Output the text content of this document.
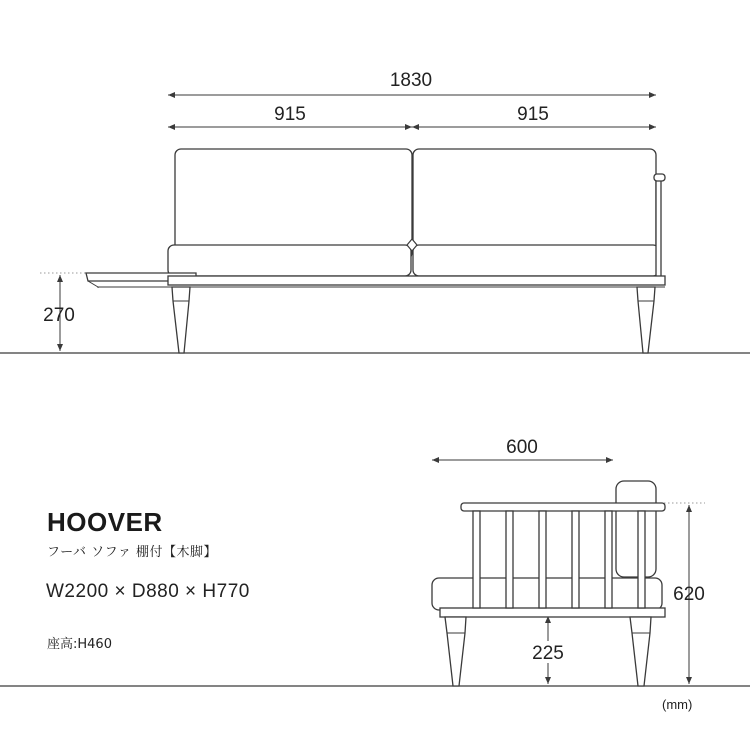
1830
915	915
270
600
620
225
HOOVER
フーバ ソファ 棚付【木脚】
W2200 × D880 × H770
座高:H460
(mm)
